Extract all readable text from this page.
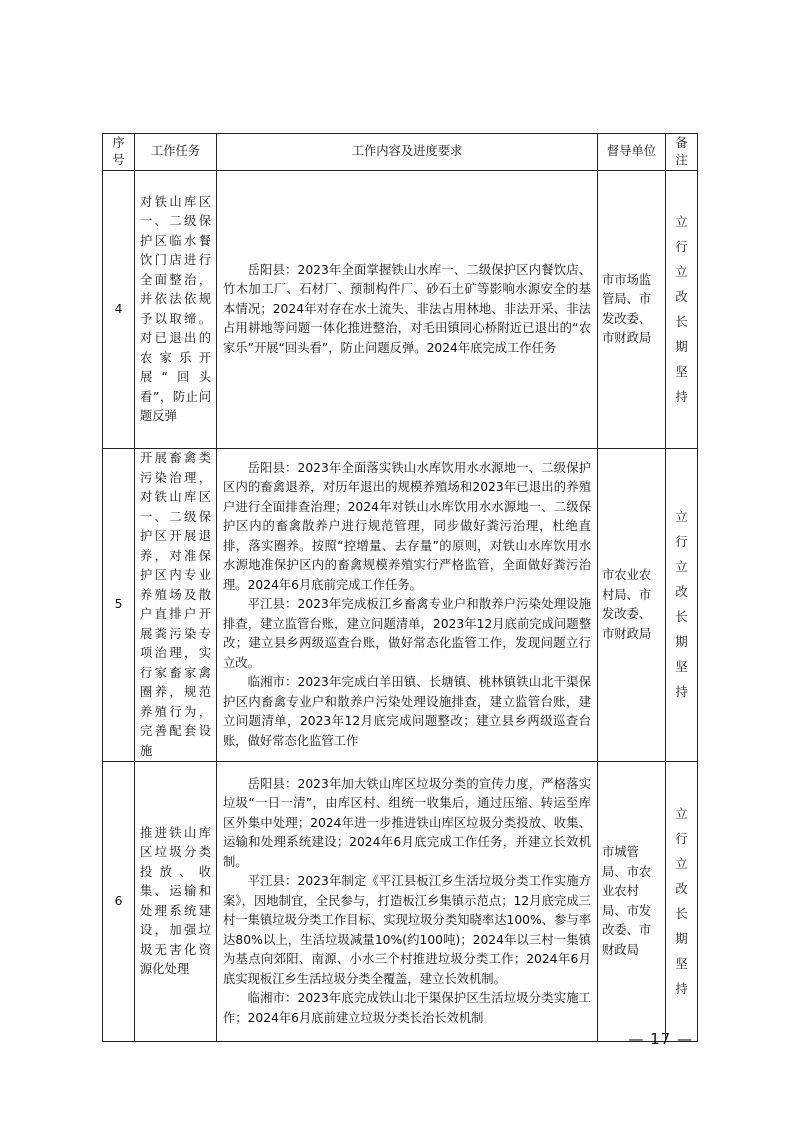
序号	工作任务	工作内容及进度要求	督导单位	备注

4	对铁山库区一、二级保护区临水餐饮门店进行全面整治，并依法依规予以取缔。对已退出的农家乐开展“回头看”，防止问题反弹	岳阳县：2023年全面掌握铁山水库一、二级保护区内餐饮店、竹木加工厂、石材厂、预制构件厂、砂石土矿等影响水源安全的基本情况；2024年对存在水土流失、非法占用林地、非法开采、非法占用耕地等问题一体化推进整治，对毛田镇同心桥附近已退出的“农家乐”开展“回头看”，防止问题反弹。2024年底完成工作任务	市市场监管局、市发改委、市财政局	立行立改长期坚持

5	开展畜禽类污染治理，对铁山库区一、二级保护区开展退养，对准保护区内专业养殖场及散户直排户开展粪污染专项治理，实行家畜家禽圈养，规范养殖行为，完善配套设施	岳阳县：2023年全面落实铁山水库饮用水水源地一、二级保护区内的畜禽退养，对历年退出的规模养殖场和2023年已退出的养殖户进行全面排查治理；2024年对铁山水库饮用水水源地一、二级保护区内的畜禽散养户进行规范管理，同步做好粪污治理，杜绝直排，落实圈养。按照“控增量、去存量”的原则，对铁山水库饮用水水源地准保护区内的畜禽规模养殖实行严格监管，全面做好粪污治理。2024年6月底前完成工作任务。

平江县：2023年完成板江乡畜禽专业户和散养户污染处理设施排查，建立监管台账，建立问题清单，2023年12月底前完成问题整改；建立县乡两级巡查台账，做好常态化监管工作，发现问题立行立改。

临湘市：2023年完成白羊田镇、长塘镇、桃林镇铁山北干渠保护区内畜禽专业户和散养户污染处理设施排查，建立监管台账，建立问题清单，2023年12月底完成问题整改；建立县乡两级巡查台账，做好常态化监管工作	市农业农村局、市发改委、市财政局	立行立改长期坚持

6	推进铁山库区垃圾分类投放、收集、运输和处理系统建设，加强垃圾无害化资源化处理	岳阳县：2023年加大铁山库区垃圾分类的宣传力度，严格落实垃圾“一日一清”，由库区村、组统一收集后，通过压缩、转运至库区外集中处理；2024年进一步推进铁山库区垃圾分类投放、收集、运输和处理系统建设；2024年6月底完成工作任务，并建立长效机制。

平江县：2023年制定《平江县板江乡生活垃圾分类工作实施方案》，因地制宜，全民参与，打造板江乡集镇示范点；12月底完成三村一集镇垃圾分类工作目标、实现垃圾分类知晓率达100%、参与率达80%以上，生活垃圾减量10%(约100吨)；2024年以三村一集镇为基点向郊阳、南源、小水三个村推进垃圾分类工作；2024年6月底实现板江乡生活垃圾分类全覆盖，建立长效机制。

临湘市：2023年底完成铁山北干渠保护区生活垃圾分类实施工作；2024年6月底前建立垃圾分类长治长效机制	市城管局、市农业农村局、市发改委、市财政局	立行立改长期坚持
— 17 —
